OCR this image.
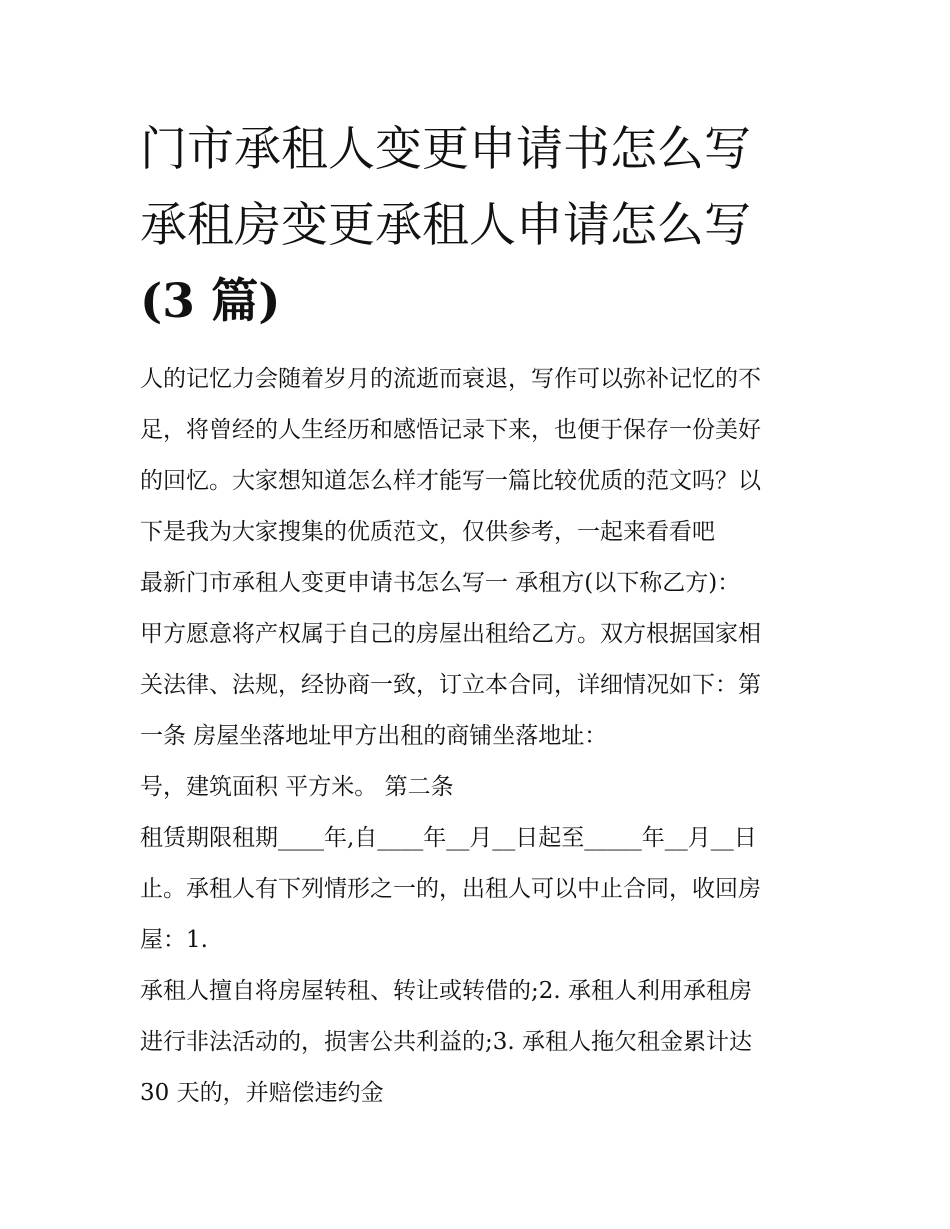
门市承租人变更申请书怎么写
承租房变更承租人申请怎么写
(3 篇)
人的记忆力会随着岁月的流逝而衰退，写作可以弥补记忆的不
足，将曾经的人生经历和感悟记录下来，也便于保存一份美好
的回忆。大家想知道怎么样才能写一篇比较优质的范文吗？以
下是我为大家搜集的优质范文，仅供参考，一起来看看吧
最新门市承租人变更申请书怎么写一 承租方(以下称乙方)：
甲方愿意将产权属于自己的房屋出租给乙方。双方根据国家相
关法律、法规，经协商一致，订立本合同，详细情况如下：第
一条 房屋坐落地址甲方出租的商铺坐落地址：
号，建筑面积 平方米。 第二条
租赁期限租期____年,自____年__月__日起至_____年__月__日
止。承租人有下列情形之一的，出租人可以中止合同，收回房
屋：1.
承租人擅自将房屋转租、转让或转借的;2. 承租人利用承租房
进行非法活动的，损害公共利益的;3. 承租人拖欠租金累计达
30 天的，并赔偿违约金
